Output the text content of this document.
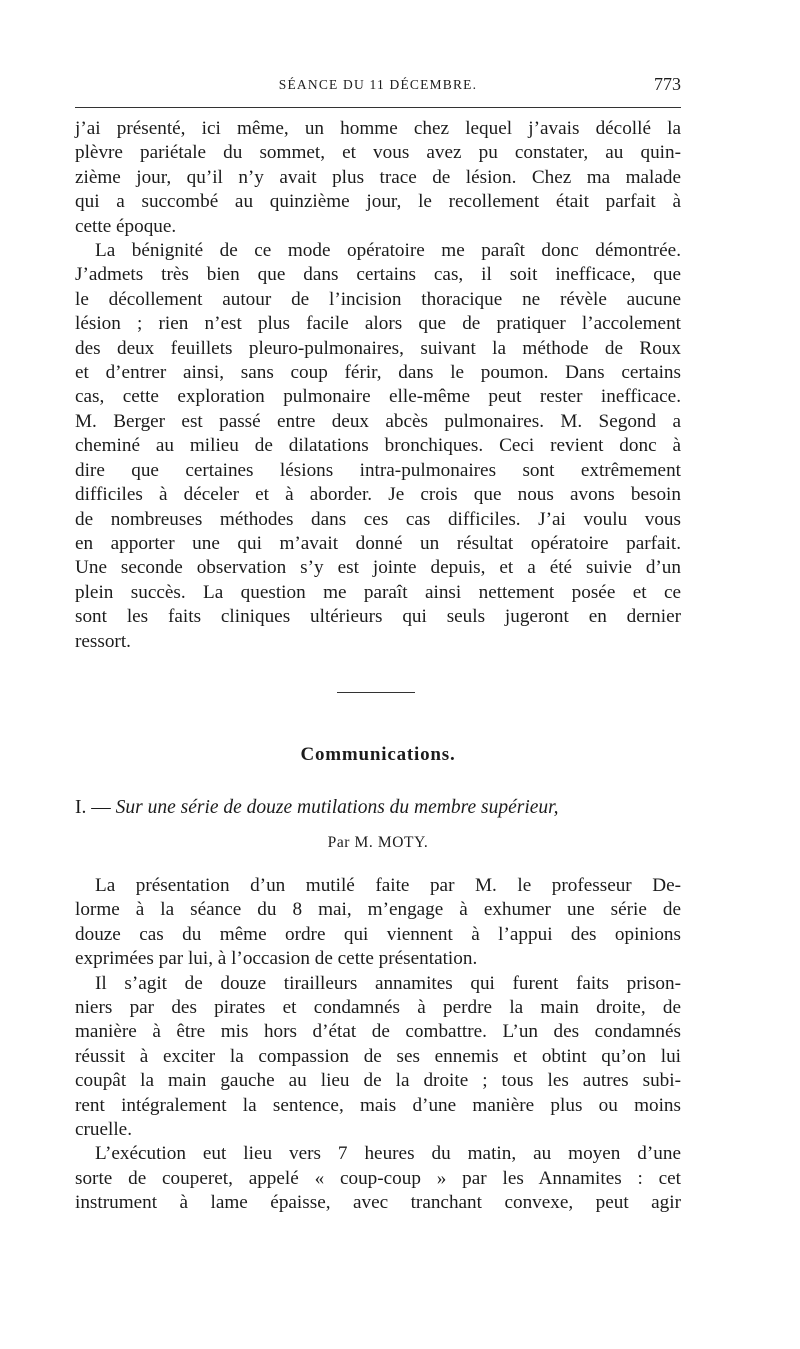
SÉANCE DU 11 DÉCEMBRE.	773

j’ai présenté, ici même, un homme chez lequel j’avais décollé la
plèvre pariétale du sommet, et vous avez pu constater, au quin-
zième jour, qu’il n’y avait plus trace de lésion. Chez ma malade
qui a succombé au quinzième jour, le recollement était parfait à
cette époque.

La bénignité de ce mode opératoire me paraît donc démontrée.
J’admets très bien que dans certains cas, il soit inefficace, que
le décollement autour de l’incision thoracique ne révèle aucune
lésion ; rien n’est plus facile alors que de pratiquer l’accolement
des deux feuillets pleuro-pulmonaires, suivant la méthode de Roux
et d’entrer ainsi, sans coup férir, dans le poumon. Dans certains
cas, cette exploration pulmonaire elle-même peut rester inefficace.
M. Berger est passé entre deux abcès pulmonaires. M. Segond a
cheminé au milieu de dilatations bronchiques. Ceci revient donc à
dire que certaines lésions intra-pulmonaires sont extrêmement
difficiles à déceler et à aborder. Je crois que nous avons besoin
de nombreuses méthodes dans ces cas difficiles. J’ai voulu vous
en apporter une qui m’avait donné un résultat opératoire parfait.
Une seconde observation s’y est jointe depuis, et a été suivie d’un
plein succès. La question me paraît ainsi nettement posée et ce
sont les faits cliniques ultérieurs qui seuls jugeront en dernier
ressort.

Communications.
I. — Sur une série de douze mutilations du membre supérieur,
Par M. MOTY.

La présentation d’un mutilé faite par M. le professeur De-
lorme à la séance du 8 mai, m’engage à exhumer une série de
douze cas du même ordre qui viennent à l’appui des opinions
exprimées par lui, à l’occasion de cette présentation.

Il s’agit de douze tirailleurs annamites qui furent faits prison-
niers par des pirates et condamnés à perdre la main droite, de
manière à être mis hors d’état de combattre. L’un des condamnés
réussit à exciter la compassion de ses ennemis et obtint qu’on lui
coupât la main gauche au lieu de la droite ; tous les autres subi-
rent intégralement la sentence, mais d’une manière plus ou moins
cruelle.

L’exécution eut lieu vers 7 heures du matin, au moyen d’une
sorte de couperet, appelé « coup-coup » par les Annamites : cet
instrument à lame épaisse, avec tranchant convexe, peut agir
